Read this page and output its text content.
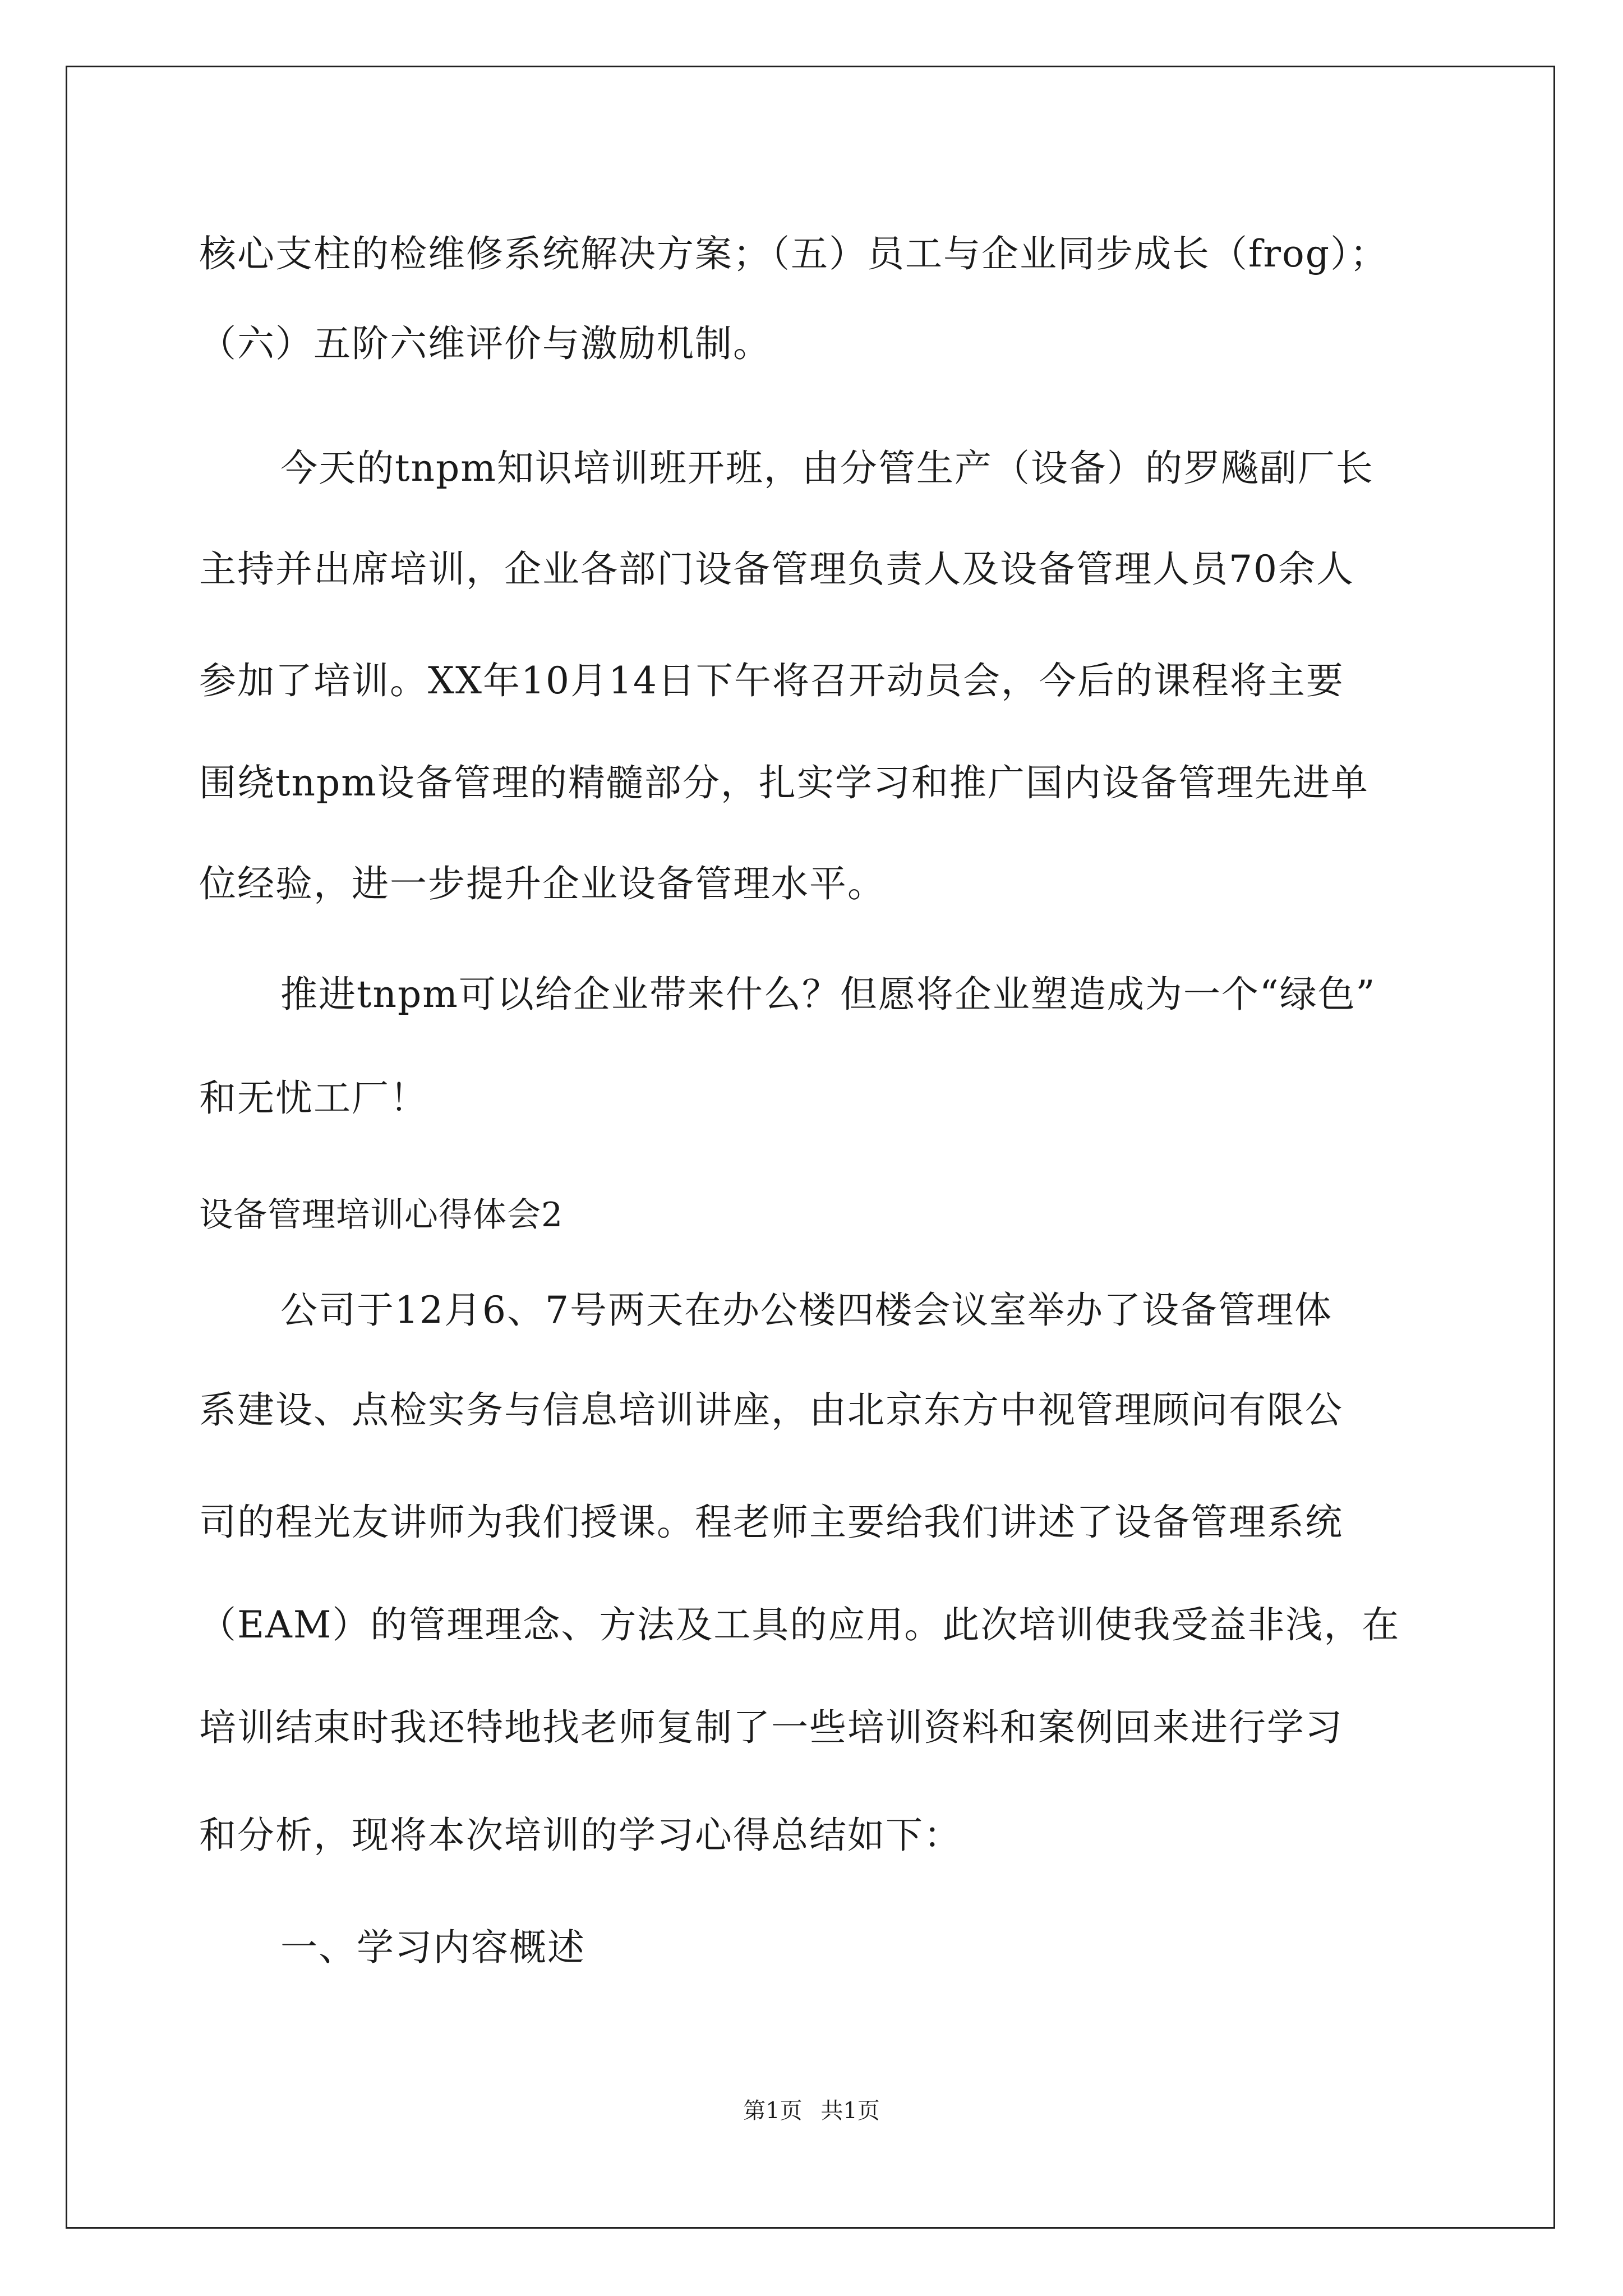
核心支柱的检维修系统解决方案；（五）员工与企业同步成长（frog）；
（六）五阶六维评价与激励机制。
今天的tnpm知识培训班开班，由分管生产（设备）的罗飚副厂长
主持并出席培训，企业各部门设备管理负责人及设备管理人员70余人
参加了培训。XX年10月14日下午将召开动员会，今后的课程将主要
围绕tnpm设备管理的精髓部分，扎实学习和推广国内设备管理先进单
位经验，进一步提升企业设备管理水平。
推进tnpm可以给企业带来什么？但愿将企业塑造成为一个“绿色”
和无忧工厂！
设备管理培训心得体会2
公司于12月6、7号两天在办公楼四楼会议室举办了设备管理体
系建设、点检实务与信息培训讲座，由北京东方中视管理顾问有限公
司的程光友讲师为我们授课。程老师主要给我们讲述了设备管理系统
（EAM）的管理理念、方法及工具的应用。此次培训使我受益非浅，在
培训结束时我还特地找老师复制了一些培训资料和案例回来进行学习
和分析，现将本次培训的学习心得总结如下：
一、学习内容概述
第1页 共1页
